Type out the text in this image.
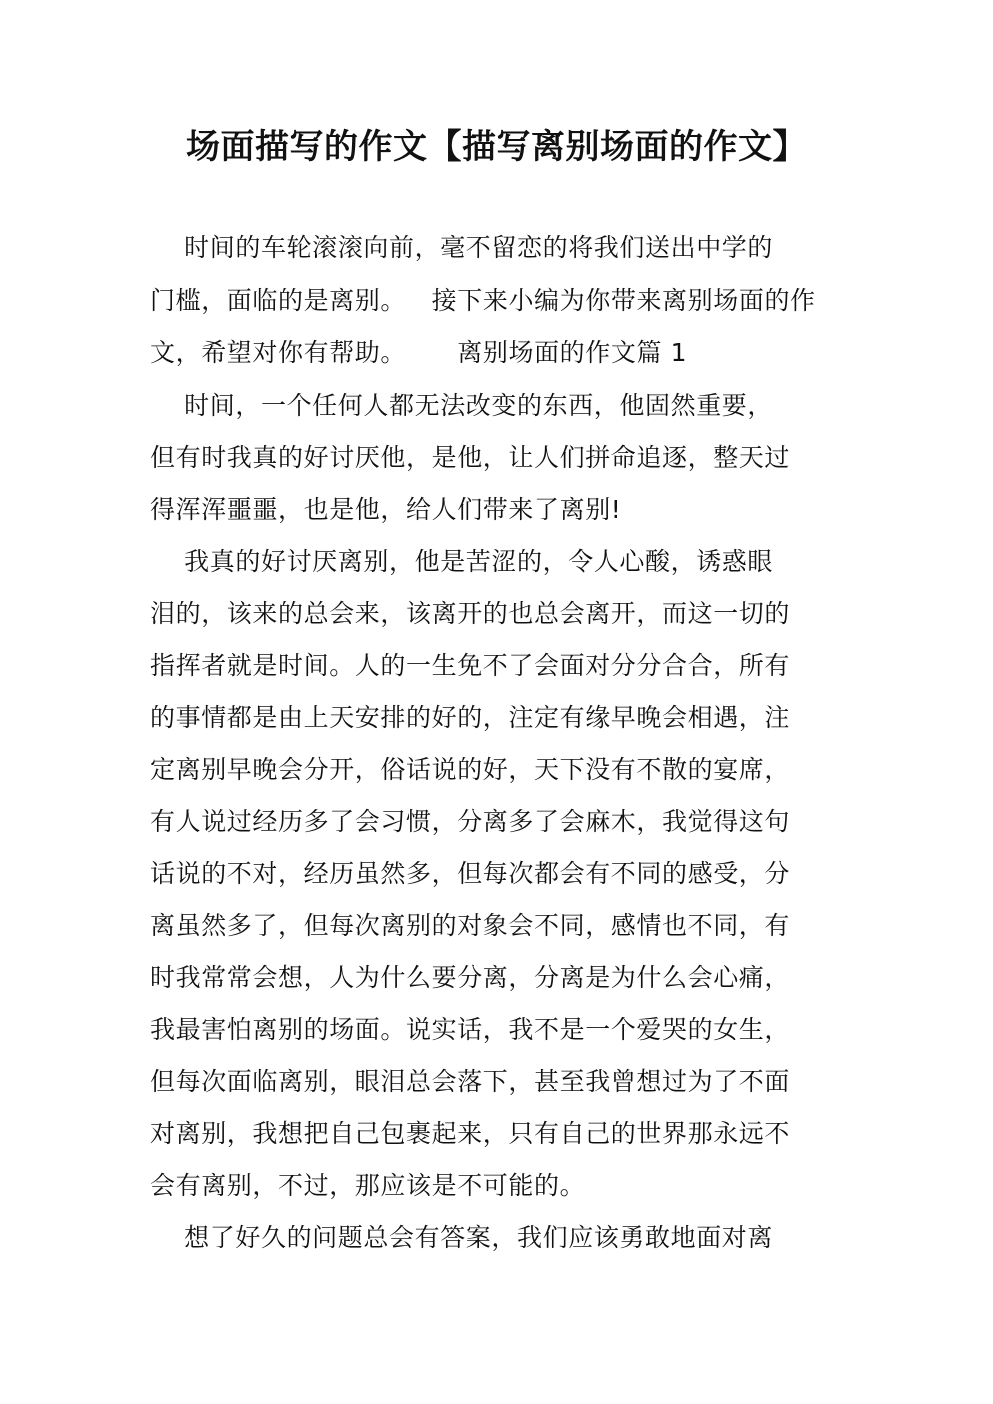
场面描写的作文【描写离别场面的作文】
时间的车轮滚滚向前，毫不留恋的将我们送出中学的
门槛，面临的是离别。   接下来小编为你带来离别场面的作
文，希望对你有帮助。      离别场面的作文篇 1
时间，一个任何人都无法改变的东西，他固然重要，
但有时我真的好讨厌他，是他，让人们拼命追逐，整天过
得浑浑噩噩，也是他，给人们带来了离别!
我真的好讨厌离别，他是苦涩的，令人心酸，诱惑眼
泪的，该来的总会来，该离开的也总会离开，而这一切的
指挥者就是时间。人的一生免不了会面对分分合合，所有
的事情都是由上天安排的好的，注定有缘早晚会相遇，注
定离别早晚会分开，俗话说的好，天下没有不散的宴席，
有人说过经历多了会习惯，分离多了会麻木，我觉得这句
话说的不对，经历虽然多，但每次都会有不同的感受，分
离虽然多了，但每次离别的对象会不同，感情也不同，有
时我常常会想，人为什么要分离，分离是为什么会心痛，
我最害怕离别的场面。说实话，我不是一个爱哭的女生，
但每次面临离别，眼泪总会落下，甚至我曾想过为了不面
对离别，我想把自己包裹起来，只有自己的世界那永远不
会有离别，不过，那应该是不可能的。
想了好久的问题总会有答案，我们应该勇敢地面对离
